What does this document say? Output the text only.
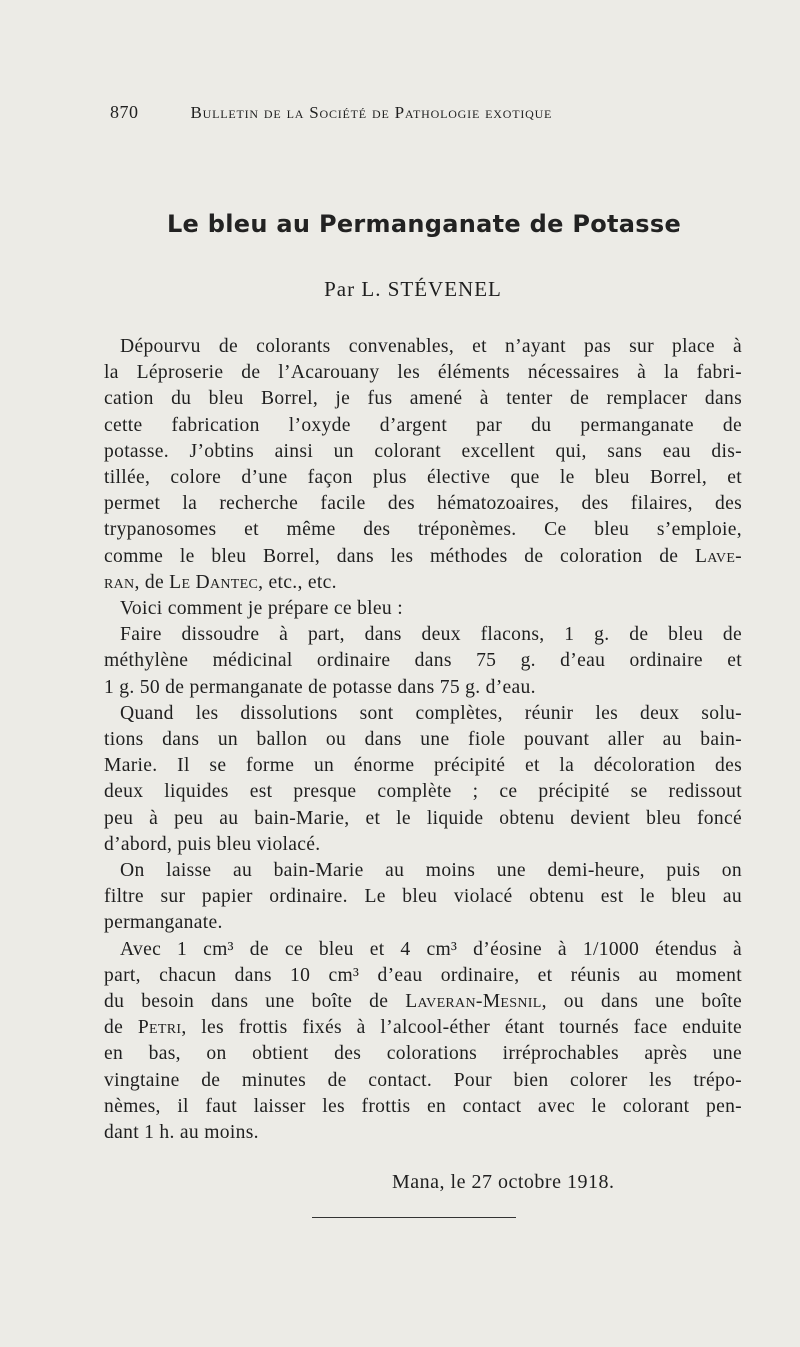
870	Bulletin de la Société de Pathologie exotique
Le bleu au Permanganate de Potasse
Par L. STÉVENEL

Dépourvu de colorants convenables, et n’ayant pas sur place à
la Léproserie de l’Acarouany les éléments nécessaires à la fabri-
cation du bleu Borrel, je fus amené à tenter de remplacer dans
cette fabrication l’oxyde d’argent par du permanganate de
potasse. J’obtins ainsi un colorant excellent qui, sans eau dis-
tillée, colore d’une façon plus élective que le bleu Borrel, et
permet la recherche facile des hématozoaires, des filaires, des
trypanosomes et même des tréponèmes. Ce bleu s’emploie,
comme le bleu Borrel, dans les méthodes de coloration de Lave-
ran, de Le Dantec, etc., etc.

Voici comment je prépare ce bleu :

Faire dissoudre à part, dans deux flacons, 1 g. de bleu de
méthylène médicinal ordinaire dans 75 g. d’eau ordinaire et
1 g. 50 de permanganate de potasse dans 75 g. d’eau.

Quand les dissolutions sont complètes, réunir les deux solu-
tions dans un ballon ou dans une fiole pouvant aller au bain-
Marie. Il se forme un énorme précipité et la décoloration des
deux liquides est presque complète ; ce précipité se redissout
peu à peu au bain-Marie, et le liquide obtenu devient bleu foncé
d’abord, puis bleu violacé.

On laisse au bain-Marie au moins une demi-heure, puis on
filtre sur papier ordinaire. Le bleu violacé obtenu est le bleu au
permanganate.

Avec 1 cm³ de ce bleu et 4 cm³ d’éosine à 1/1000 étendus à
part, chacun dans 10 cm³ d’eau ordinaire, et réunis au moment
du besoin dans une boîte de Laveran-Mesnil, ou dans une boîte
de Petri, les frottis fixés à l’alcool-éther étant tournés face enduite
en bas, on obtient des colorations irréprochables après une
vingtaine de minutes de contact. Pour bien colorer les trépo-
nèmes, il faut laisser les frottis en contact avec le colorant pen-
dant 1 h. au moins.

Mana, le 27 octobre 1918.
